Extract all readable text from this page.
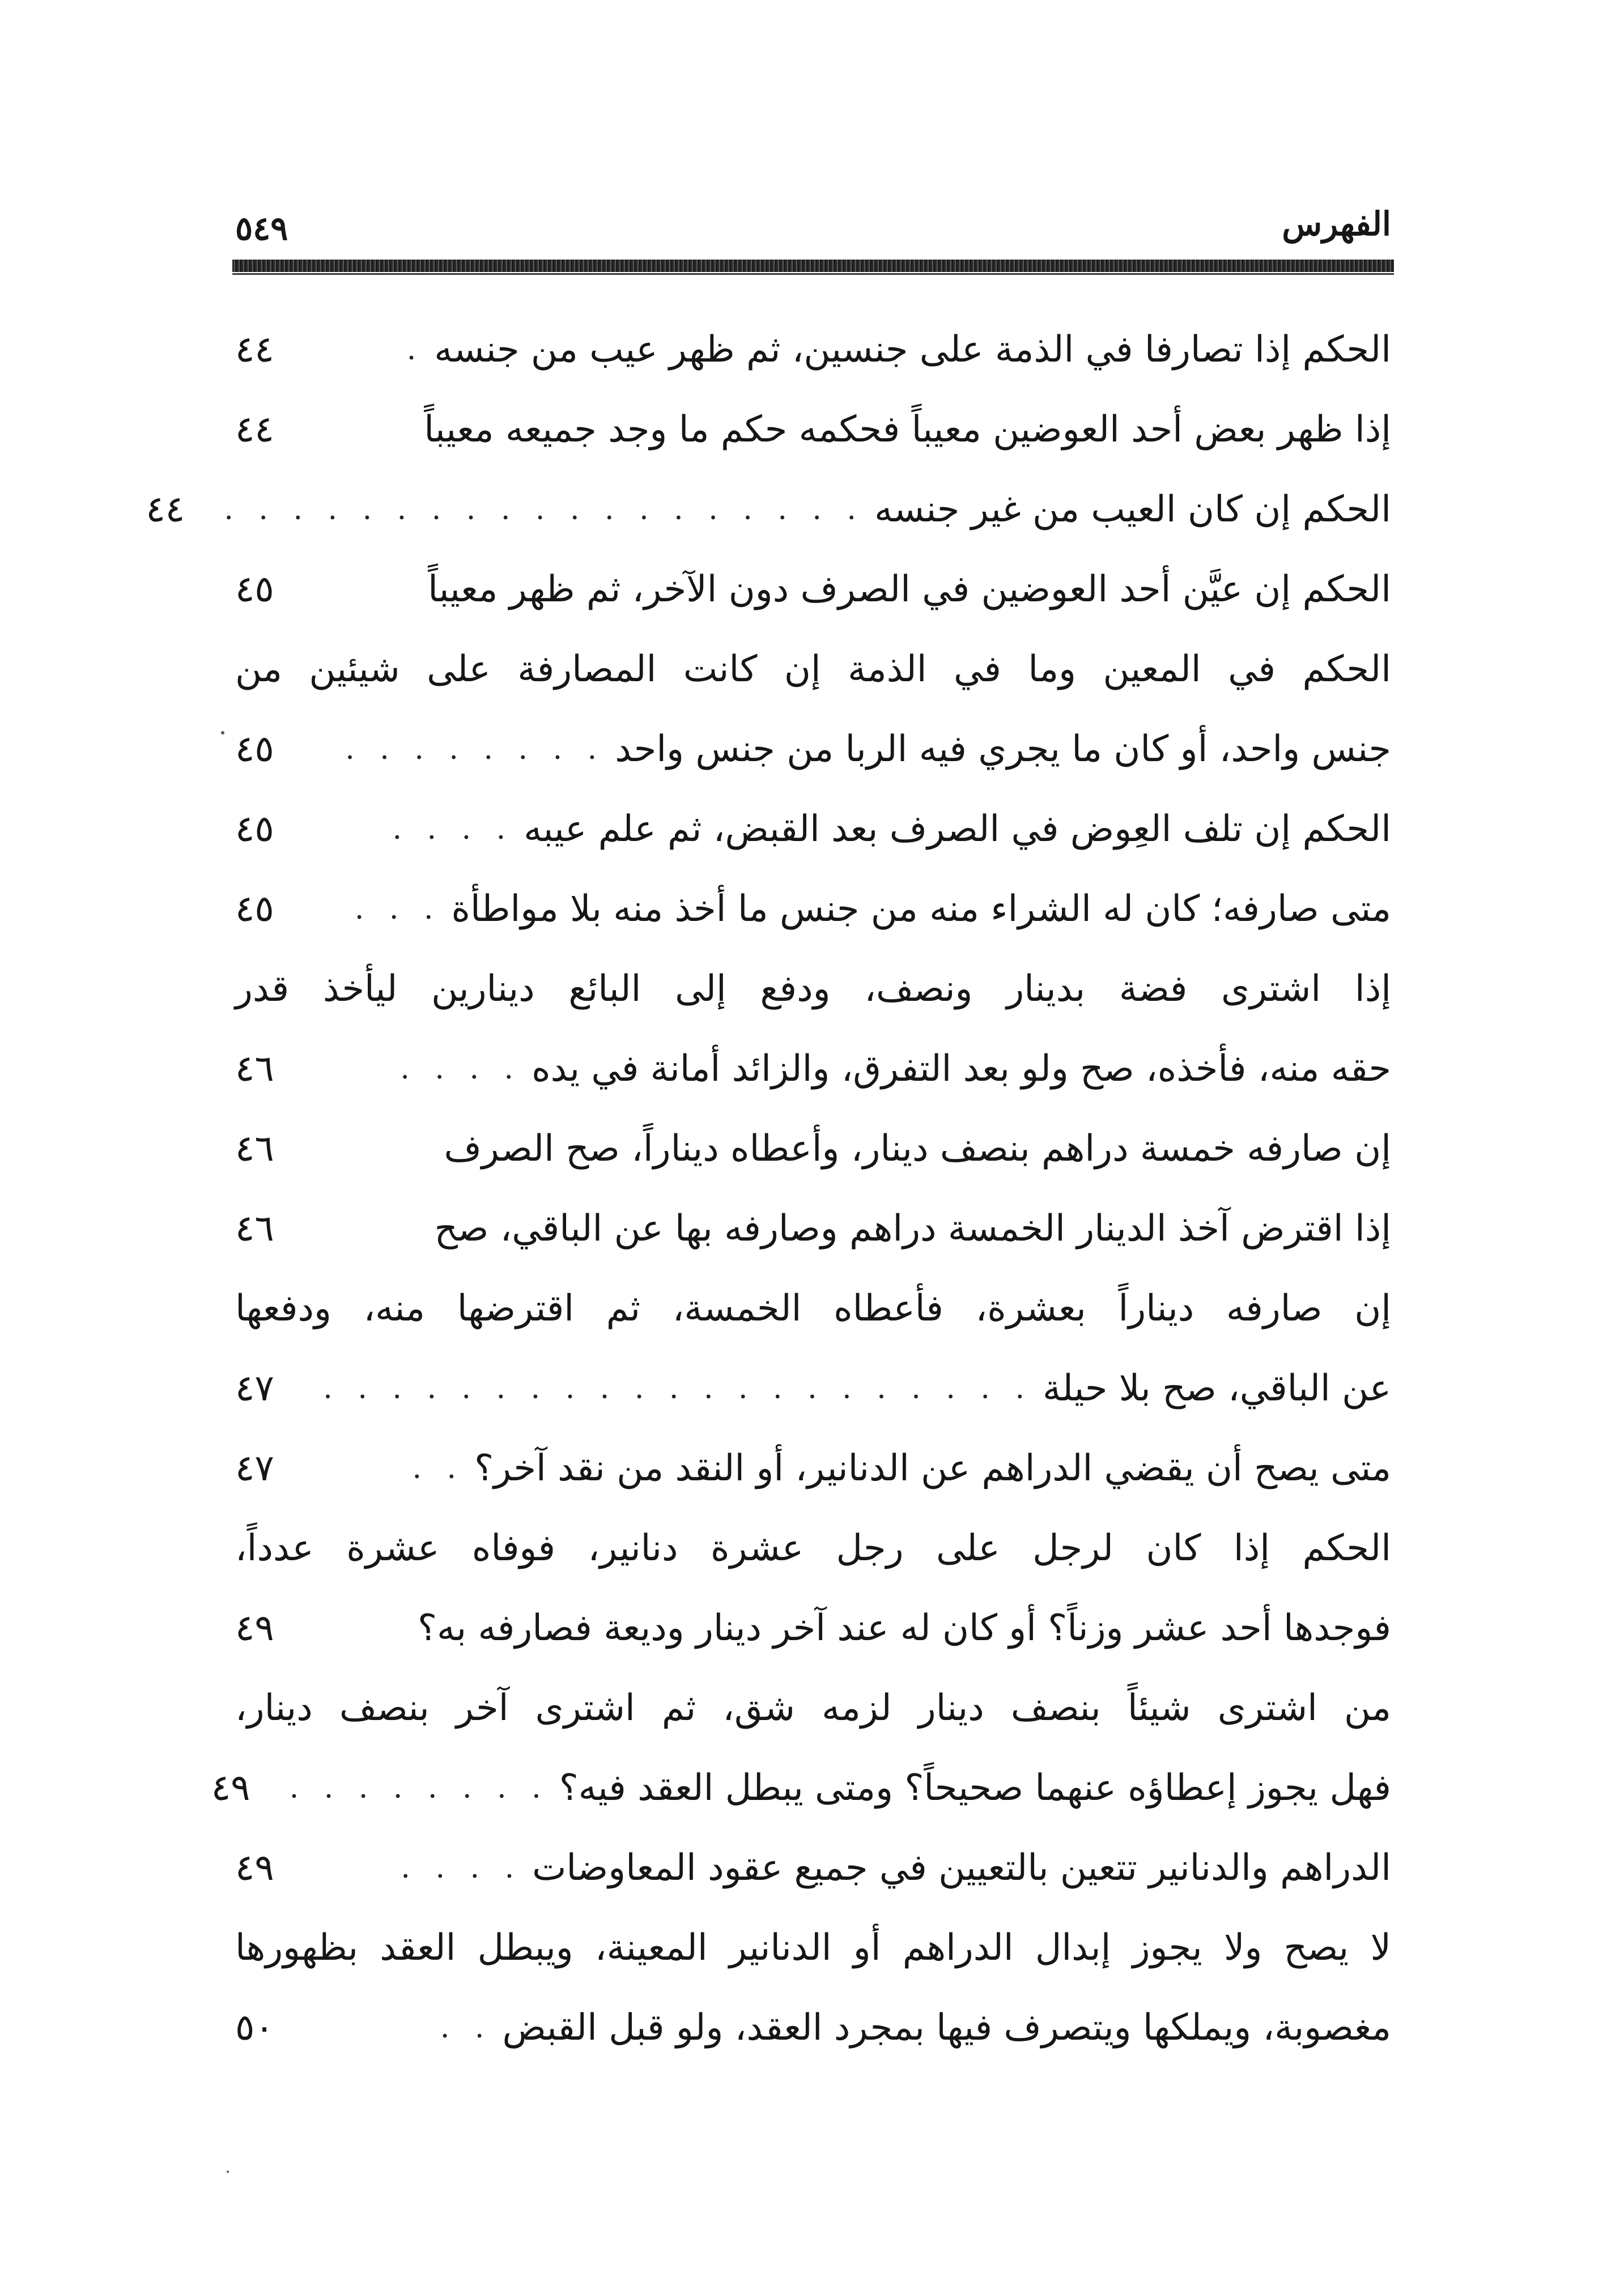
الفهرس
٥٤٩
الحكم إذا تصارفا في الذمة على جنسين، ثم ظهر عيب من جنسه
.
٤٤
إذا ظهر بعض أحد العوضين معيباً فحكمه حكم ما وجد جميعه معيباً
٤٤
الحكم إن كان العيب من غير جنسه
. . . . . . . . . . . . . . . . . . .
٤٤
الحكم إن عيَّن أحد العوضين في الصرف دون الآخر، ثم ظهر معيباً
٤٥
الحكم في المعين وما في الذمة إن كانت المصارفة على شيئين من
جنس واحد، أو كان ما يجري فيه الربا من جنس واحد
. . . . . . . .
٤٥
الحكم إن تلف العِوض في الصرف بعد القبض، ثم علم عيبه
. . . .
٤٥
متى صارفه؛ كان له الشراء منه من جنس ما أخذ منه بلا مواطأة
. . .
٤٥
إذا اشترى فضة بدينار ونصف، ودفع إلى البائع دينارين ليأخذ قدر
حقه منه، فأخذه، صح ولو بعد التفرق، والزائد أمانة في يده
. . . .
٤٦
إن صارفه خمسة دراهم بنصف دينار، وأعطاه ديناراً، صح الصرف
٤٦
إذا اقترض آخذ الدينار الخمسة دراهم وصارفه بها عن الباقي، صح
٤٦
إن صارفه ديناراً بعشرة، فأعطاه الخمسة، ثم اقترضها منه، ودفعها
عن الباقي، صح بلا حيلة
. . . . . . . . . . . . . . . . . . . . .
٤٧
متى يصح أن يقضي الدراهم عن الدنانير، أو النقد من نقد آخر؟
. .
٤٧
الحكم إذا كان لرجل على رجل عشرة دنانير، فوفاه عشرة عدداً،
فوجدها أحد عشر وزناً؟ أو كان له عند آخر دينار وديعة فصارفه به؟
٤٩
من اشترى شيئاً بنصف دينار لزمه شق، ثم اشترى آخر بنصف دينار،
فهل يجوز إعطاؤه عنهما صحيحاً؟ ومتى يبطل العقد فيه؟
. . . . . . . .
٤٩
الدراهم والدنانير تتعين بالتعيين في جميع عقود المعاوضات
. . . .
٤٩
لا يصح ولا يجوز إبدال الدراهم أو الدنانير المعينة، ويبطل العقد بظهورها
مغصوبة، ويملكها ويتصرف فيها بمجرد العقد، ولو قبل القبض
. .
٥٠
